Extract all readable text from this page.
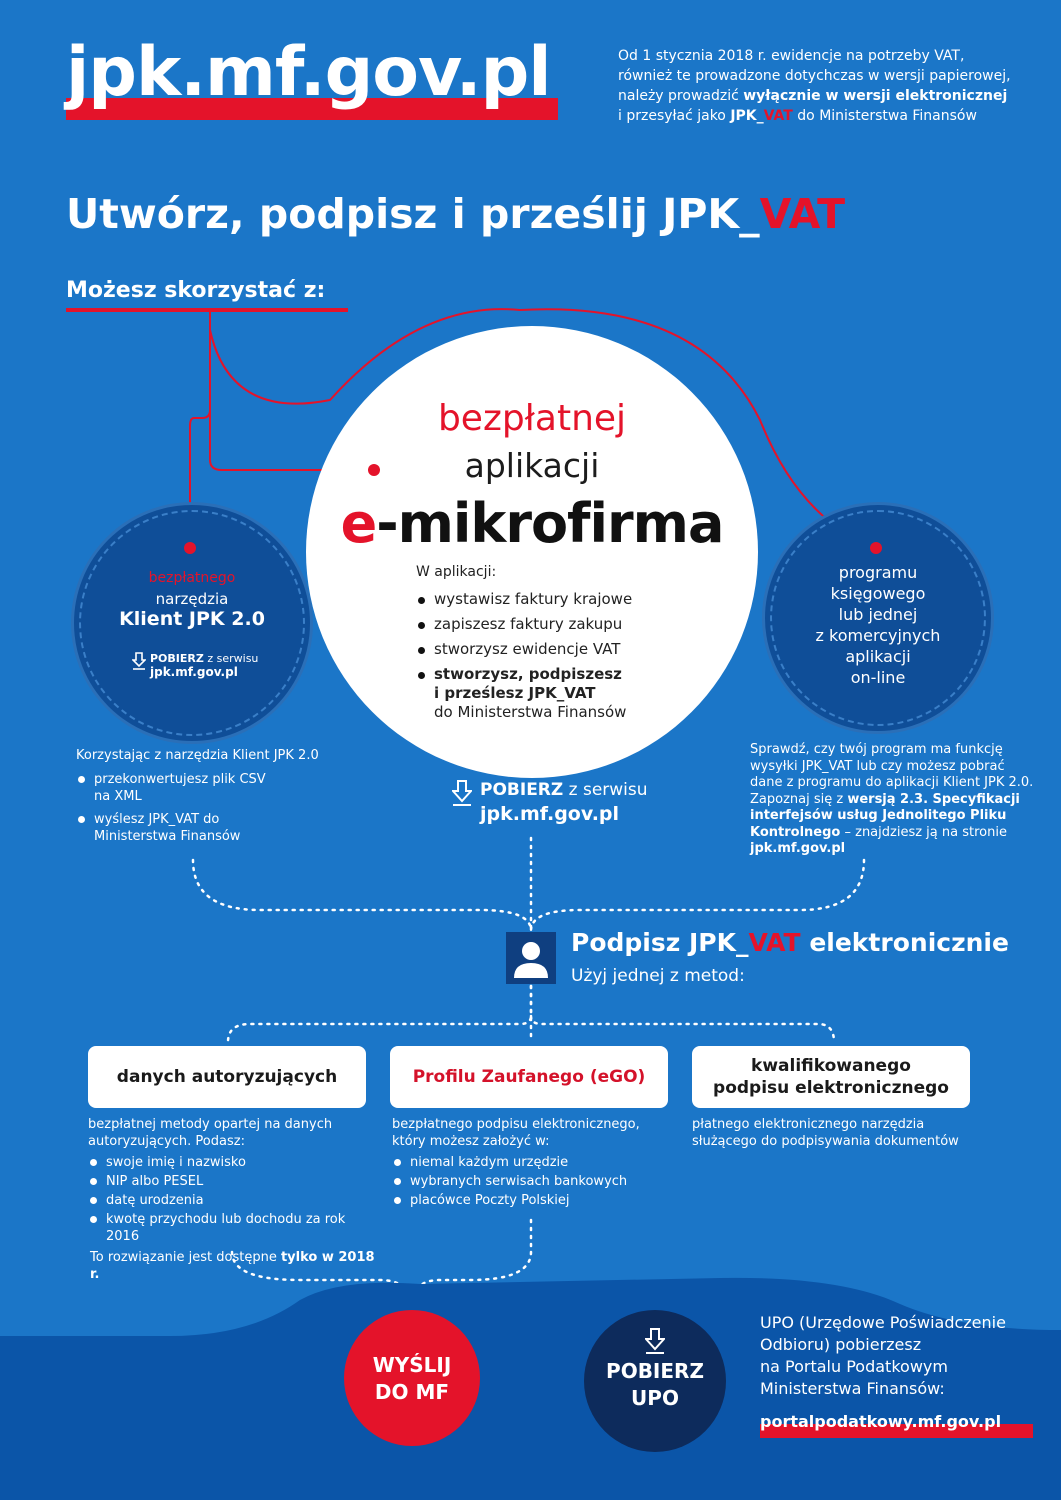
jpk.mf.gov.pl	Od 1 stycznia 2018 r. ewidencje na potrzeby VAT,
również te prowadzone dotychczas w wersji papierowej,
należy prowadzić wyłącznie w wersji elektronicznej
i przesyłać jako JPK_VAT do Ministerstwa Finansów
Utwórz, podpisz i prześlij JPK_VAT
Możesz skorzystać z:
bezpłatnej
aplikacji
e-mikrofirma
W aplikacji:
wystawisz faktury krajowe
zapiszesz faktury zakupu
stworzysz ewidencje VAT
stworzysz, podpiszesz
i prześlesz JPK_VAT
do Ministerstwa Finansów
bezpłatnego
narzędzia
Klient JPK 2.0
POBIERZ z serwisu
jpk.mf.gov.pl
programu
księgowego
lub jednej
z komercyjnych
aplikacji
on-line
Korzystając z narzędzia Klient JPK 2.0
przekonwertujesz plik CSV na XML
wyślesz JPK_VAT do Ministerstwa Finansów
Sprawdź, czy twój program ma funkcję wysyłki JPK_VAT lub czy możesz pobrać dane z programu do aplikacji Klient JPK 2.0. Zapoznaj się z wersją 2.3. Specyfikacji interfejsów usług Jednolitego Pliku Kontrolnego – znajdziesz ją na stronie jpk.mf.gov.pl
POBIERZ z serwisu
jpk.mf.gov.pl
Podpisz JPK_VAT elektronicznie
Użyj jednej z metod:
danych autoryzujących	Profilu Zaufanego (eGO)
kwalifikowanego
podpisu elektronicznego
bezpłatnej metody opartej na danych autoryzujących. Podasz:
swoje imię i nazwisko
NIP albo PESEL
datę urodzenia
kwotę przychodu lub dochodu za rok 2016
To rozwiązanie jest dostępne tylko w 2018 r.
bezpłatnego podpisu elektronicznego, który możesz założyć w:
niemal każdym urzędzie
wybranych serwisach bankowych
placówce Poczty Polskiej
płatnego elektronicznego narzędzia służącego do podpisywania dokumentów
WYŚLIJ
DO MF
POBIERZ
UPO
UPO (Urzędowe Poświadczenie
Odbioru) pobierzesz
na Portalu Podatkowym
Ministerstwa Finansów:
portalpodatkowy.mf.gov.pl
